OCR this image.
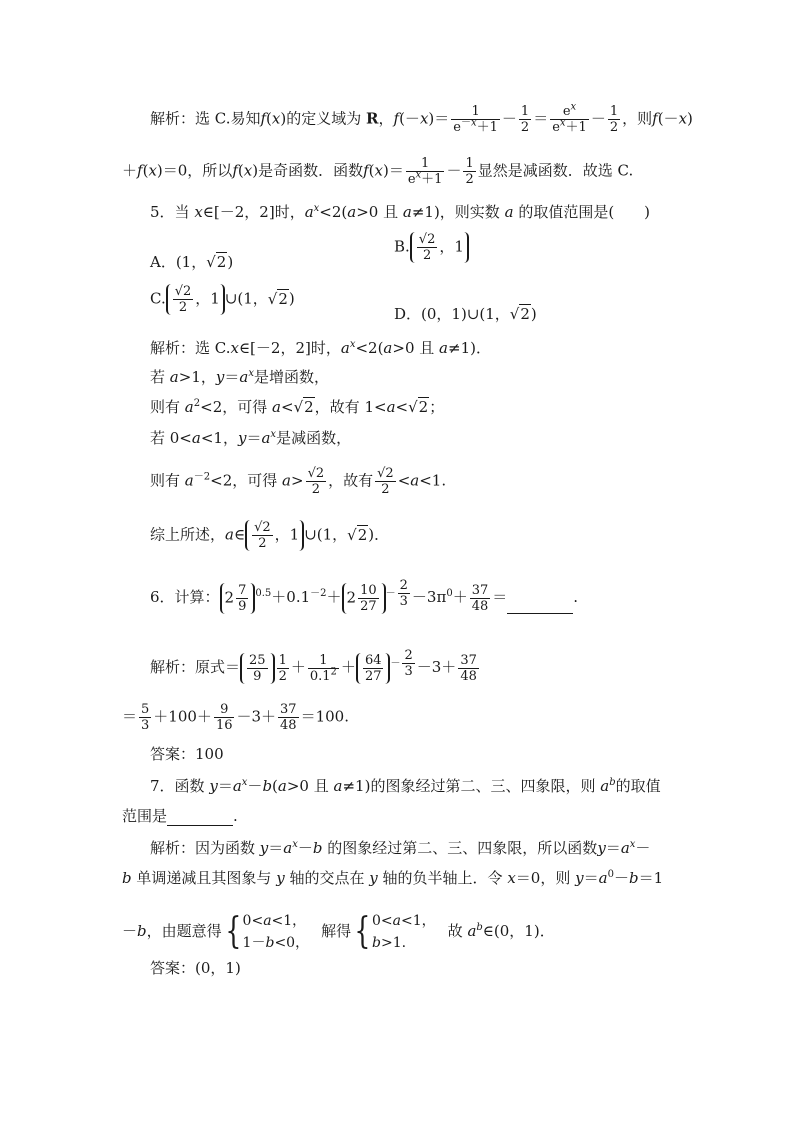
解析：选 C.易知f(x)的定义域为 R，$f(-x)= \frac{1}{e^{-x}+1} - \frac{1}{2} = \frac{e^x}{e^x+1} - \frac{1}{2}$ ，则f(－x)
＋f(x)＝0，所以f(x)是奇函数．函数$f(x)= \frac{1}{e^x+1} - \frac{1}{2}$ 显然是减函数．故选 C.
5．当 x∈[－2，2]时，$a^x<2(a>0$ 且 a≠1)，则实数 a 的取值范围是(　　)
A．(1，√2)
B. $\frac{√2}{2}$ ，1
C. $\frac{√2}{2}$ ，1 ∪(1，√2)
D．(0，1)∪(1，√2)
解析：选 C.x∈[－2，2]时，$a^x<2(a>0$ 且 a≠1)．
若 a>1，$y=a^x$是增函数，
则有 $a^2<2$，可得 a<√2，故有 1<a<√2；
若 0<a<1，$y=a^x$是减函数，
则有 $a^{-2}<2$，可得 $a> \frac{√2}{2}$ ，故有 $\frac{√2}{2} <a<1$.
综上所述，a∈ $\frac{√2}{2}$ ，1 ∪(1，√2)．
6．计算： $2 \frac{7}{9} ^{0.5}+0.1^{-2}+ 2 \frac{10}{27} ^{- \frac{2}{3}} -3\pi^0+ \frac{37}{48}$ ＝	.
解析：原式＝ $\frac{25}{9} \frac{1}{2} + \frac{1}{0.1^2} + \frac{64}{27} ^{- \frac{2}{3}} -3+ \frac{37}{48}$
＝ $\frac{5}{3} +100+ \frac{9}{16} -3+ \frac{37}{48} =100$.
答案：100
7．函数 $y=a^x-b(a>0$ 且 a≠1)的图象经过第二、三、四象限，则 $a^b$的取值
范围是	.
解析：因为函数 $y=a^x-b$ 的图象经过第二、三、四象限，所以函数$y=a^x-$
b 单调递减且其图象与 y 轴的交点在 y 轴的负半轴上．令 x＝0，则 $y=a^0-b=1$
－b，由题意得{0<a<1，
1－b<0，解得{0<a<1，
b>1.故 $a^b\in(0$，1)．
答案：(0，1)
